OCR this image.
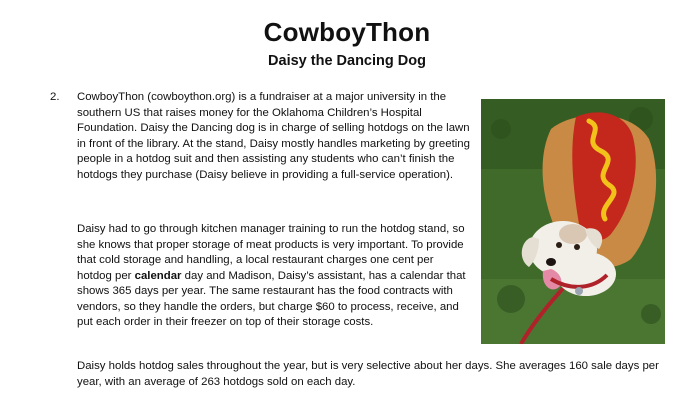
CowboyThon
Daisy the Dancing Dog
2. CowboyThon (cowboython.org) is a fundraiser at a major university in the southern US that raises money for the Oklahoma Children’s Hospital Foundation. Daisy the Dancing dog is in charge of selling hotdogs on the lawn in front of the library. At the stand, Daisy mostly handles marketing by greeting people in a hotdog suit and then assisting any students who can’t finish the hotdogs they purchase (Daisy believe in providing a full-service operation).

Daisy had to go through kitchen manager training to run the hotdog stand, so she knows that proper storage of meat products is very important. To provide that cold storage and handling, a local restaurant charges one cent per hotdog per calendar day and Madison, Daisy’s assistant, has a calendar that shows 365 days per year. The same restaurant has the food contracts with vendors, so they handle the orders, but charge $60 to process, receive, and put each order in their freezer on top of their storage costs.

Daisy holds hotdog sales throughout the year, but is very selective about her days. She averages 160 sale days per year, with an average of 263 hotdogs sold on each day.
